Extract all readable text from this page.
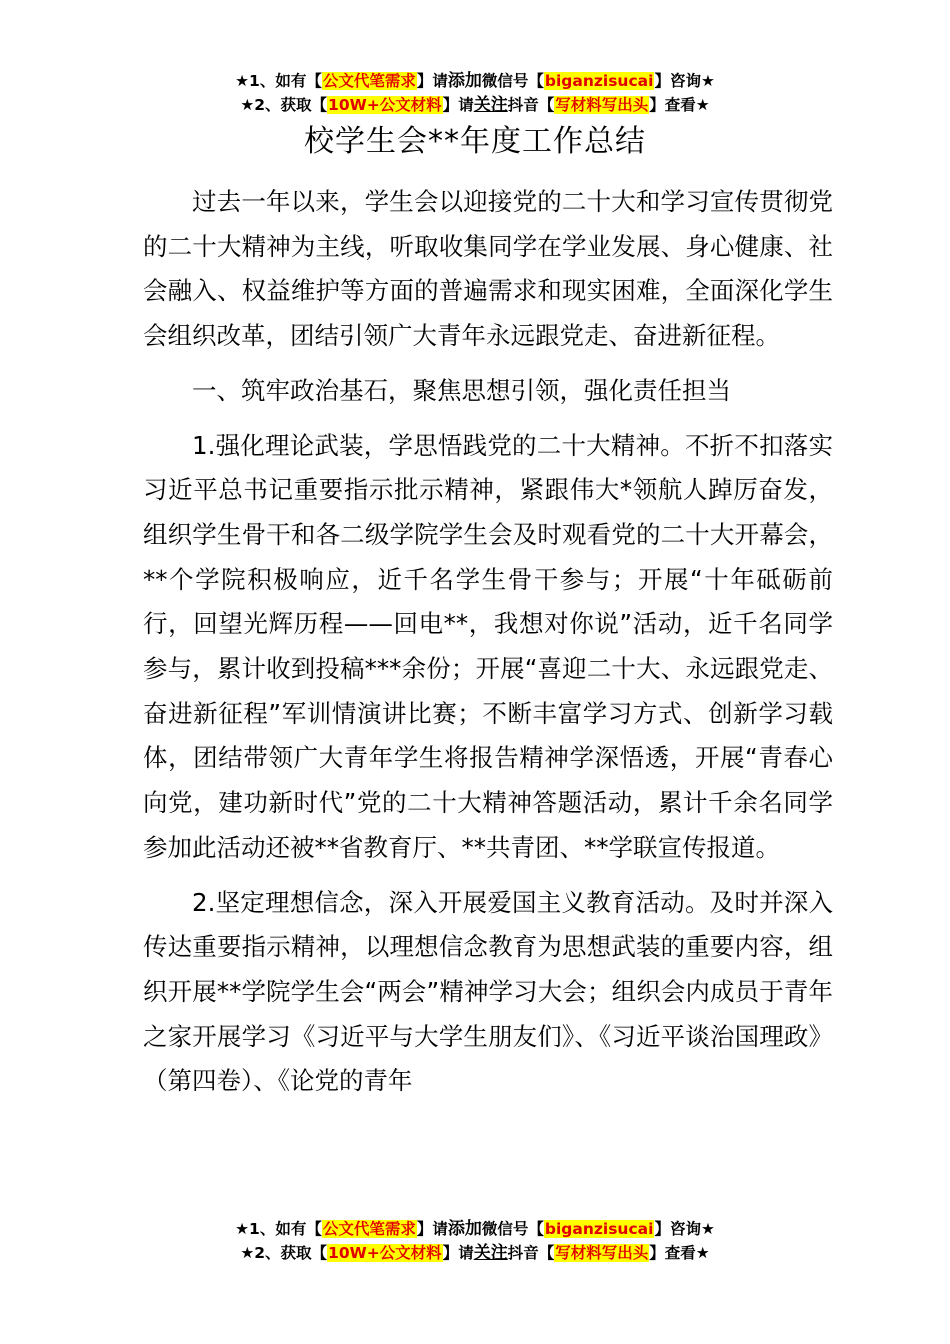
★1、如有【公文代笔需求】请添加微信号【biganzisucai】咨询★
★2、获取【10W+公文材料】请关注抖音【写材料写出头】查看★
校学生会**年度工作总结

过去一年以来，学生会以迎接党的二十大和学习宣传贯彻党的二十大精神为主线，听取收集同学在学业发展、身心健康、社会融入、权益维护等方面的普遍需求和现实困难，全面深化学生会组织改革，团结引领广大青年永远跟党走、奋进新征程。

一、筑牢政治基石，聚焦思想引领，强化责任担当

1.强化理论武装，学思悟践党的二十大精神。不折不扣落实习近平总书记重要指示批示精神，紧跟伟大*领航人踔厉奋发，组织学生骨干和各二级学院学生会及时观看党的二十大开幕会，**个学院积极响应，近千名学生骨干参与；开展“十年砥砺前行，回望光辉历程——回电**，我想对你说”活动，近千名同学参与，累计收到投稿***余份；开展“喜迎二十大、永远跟党走、奋进新征程”军训情演讲比赛；不断丰富学习方式、创新学习载体，团结带领广大青年学生将报告精神学深悟透，开展“青春心向党，建功新时代”党的二十大精神答题活动，累计千余名同学参加此活动还被**省教育厅、**共青团、**学联宣传报道。

2.坚定理想信念，深入开展爱国主义教育活动。及时并深入传达重要指示精神，以理想信念教育为思想武装的重要内容，组织开展**学院学生会“两会”精神学习大会；组织会内成员于青年之家开展学习《习近平与大学生朋友们》、《习近平谈治国理政》（第四卷）、《论党的青年

★1、如有【公文代笔需求】请添加微信号【biganzisucai】咨询★
★2、获取【10W+公文材料】请关注抖音【写材料写出头】查看★
